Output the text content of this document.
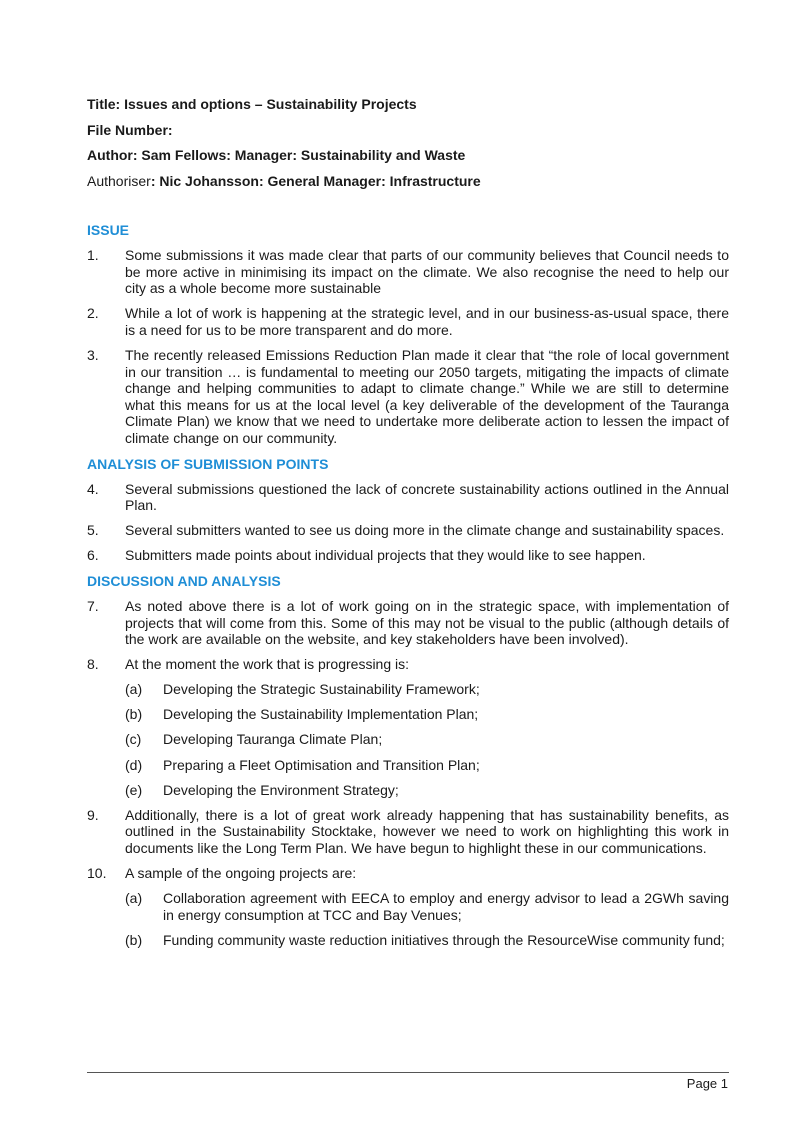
Title: Issues and options – Sustainability Projects
File Number:
Author: Sam Fellows: Manager: Sustainability and Waste
Authoriser: Nic Johansson: General Manager: Infrastructure
ISSUE
1.	Some submissions it was made clear that parts of our community believes that Council needs to be more active in minimising its impact on the climate. We also recognise the need to help our city as a whole become more sustainable
2.	While a lot of work is happening at the strategic level, and in our business-as-usual space, there is a need for us to be more transparent and do more.
3.	The recently released Emissions Reduction Plan made it clear that “the role of local government in our transition … is fundamental to meeting our 2050 targets, mitigating the impacts of climate change and helping communities to adapt to climate change.” While we are still to determine what this means for us at the local level (a key deliverable of the development of the Tauranga Climate Plan) we know that we need to undertake more deliberate action to lessen the impact of climate change on our community.
ANALYSIS OF SUBMISSION POINTS
4.	Several submissions questioned the lack of concrete sustainability actions outlined in the Annual Plan.
5.	Several submitters wanted to see us doing more in the climate change and sustainability spaces.
6.	Submitters made points about individual projects that they would like to see happen.
DISCUSSION AND ANALYSIS
7.	As noted above there is a lot of work going on in the strategic space, with implementation of projects that will come from this. Some of this may not be visual to the public (although details of the work are available on the website, and key stakeholders have been involved).
8.	At the moment the work that is progressing is:
(a)	Developing the Strategic Sustainability Framework;
(b)	Developing the Sustainability Implementation Plan;
(c)	Developing Tauranga Climate Plan;
(d)	Preparing a Fleet Optimisation and Transition Plan;
(e)	Developing the Environment Strategy;
9.	Additionally, there is a lot of great work already happening that has sustainability benefits, as outlined in the Sustainability Stocktake, however we need to work on highlighting this work in documents like the Long Term Plan. We have begun to highlight these in our communications.
10.	A sample of the ongoing projects are:
(a)	Collaboration agreement with EECA to employ and energy advisor to lead a 2GWh saving in energy consumption at TCC and Bay Venues;
(b)	Funding community waste reduction initiatives through the ResourceWise community fund;
Page 1
